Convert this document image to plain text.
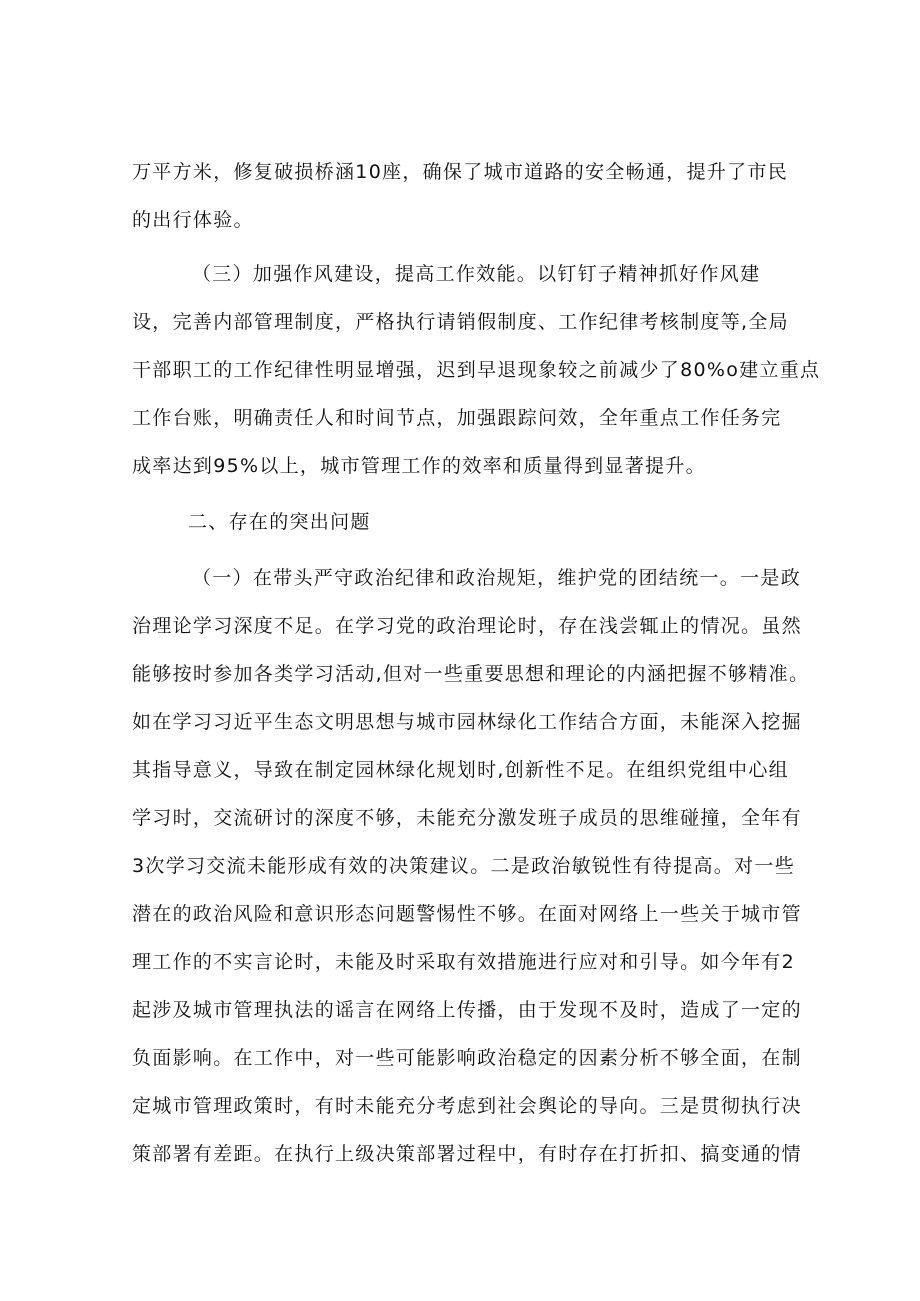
万平方米，修复破损桥涵10座，确保了城市道路的安全畅通，提升了市民
的出行体验。
（三）加强作风建设，提高工作效能。以钉钉子精神抓好作风建
设，完善内部管理制度，严格执行请销假制度、工作纪律考核制度等,全局
干部职工的工作纪律性明显增强，迟到早退现象较之前减少了80%o建立重点
工作台账，明确责任人和时间节点，加强跟踪问效，全年重点工作任务完
成率达到95%以上，城市管理工作的效率和质量得到显著提升。
二、存在的突出问题
（一）在带头严守政治纪律和政治规矩，维护党的团结统一。一是政
治理论学习深度不足。在学习党的政治理论时，存在浅尝辄止的情况。虽然
能够按时参加各类学习活动,但对一些重要思想和理论的内涵把握不够精准。
如在学习习近平生态文明思想与城市园林绿化工作结合方面，未能深入挖掘
其指导意义，导致在制定园林绿化规划时,创新性不足。在组织党组中心组
学习时，交流研讨的深度不够，未能充分激发班子成员的思维碰撞，全年有
3次学习交流未能形成有效的决策建议。二是政治敏锐性有待提高。对一些
潜在的政治风险和意识形态问题警惕性不够。在面对网络上一些关于城市管
理工作的不实言论时，未能及时采取有效措施进行应对和引导。如今年有2
起涉及城市管理执法的谣言在网络上传播，由于发现不及时，造成了一定的
负面影响。在工作中，对一些可能影响政治稳定的因素分析不够全面，在制
定城市管理政策时，有时未能充分考虑到社会舆论的导向。三是贯彻执行决
策部署有差距。在执行上级决策部署过程中，有时存在打折扣、搞变通的情
